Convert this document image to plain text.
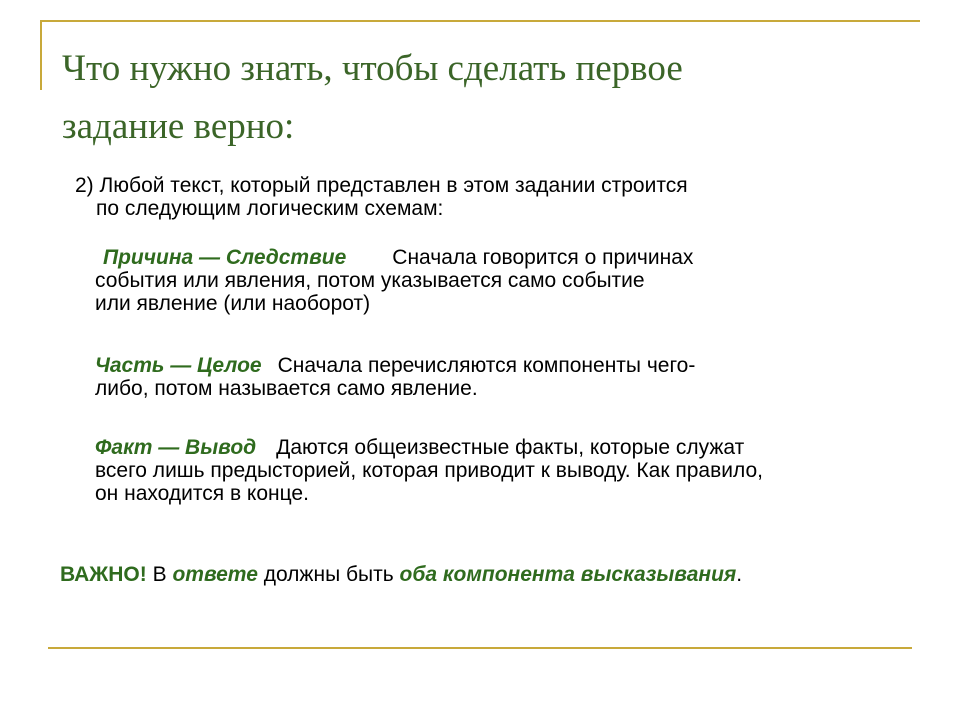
Что нужно знать, чтобы сделать первое
задание верно:

2) Любой текст, который представлен в этом задании строится
по следующим логическим схемам:

Причина — Следствие Сначала говорится о причинах
события или явления, потом указывается само событие
или явление (или наоборот)

Часть — Целое Сначала перечисляются компоненты чего-
либо, потом называется само явление.

Факт — Вывод Даются общеизвестные факты, которые служат
всего лишь предысторией, которая приводит к выводу. Как правило,
он находится в конце.

ВАЖНО! В ответе должны быть оба компонента высказывания.
